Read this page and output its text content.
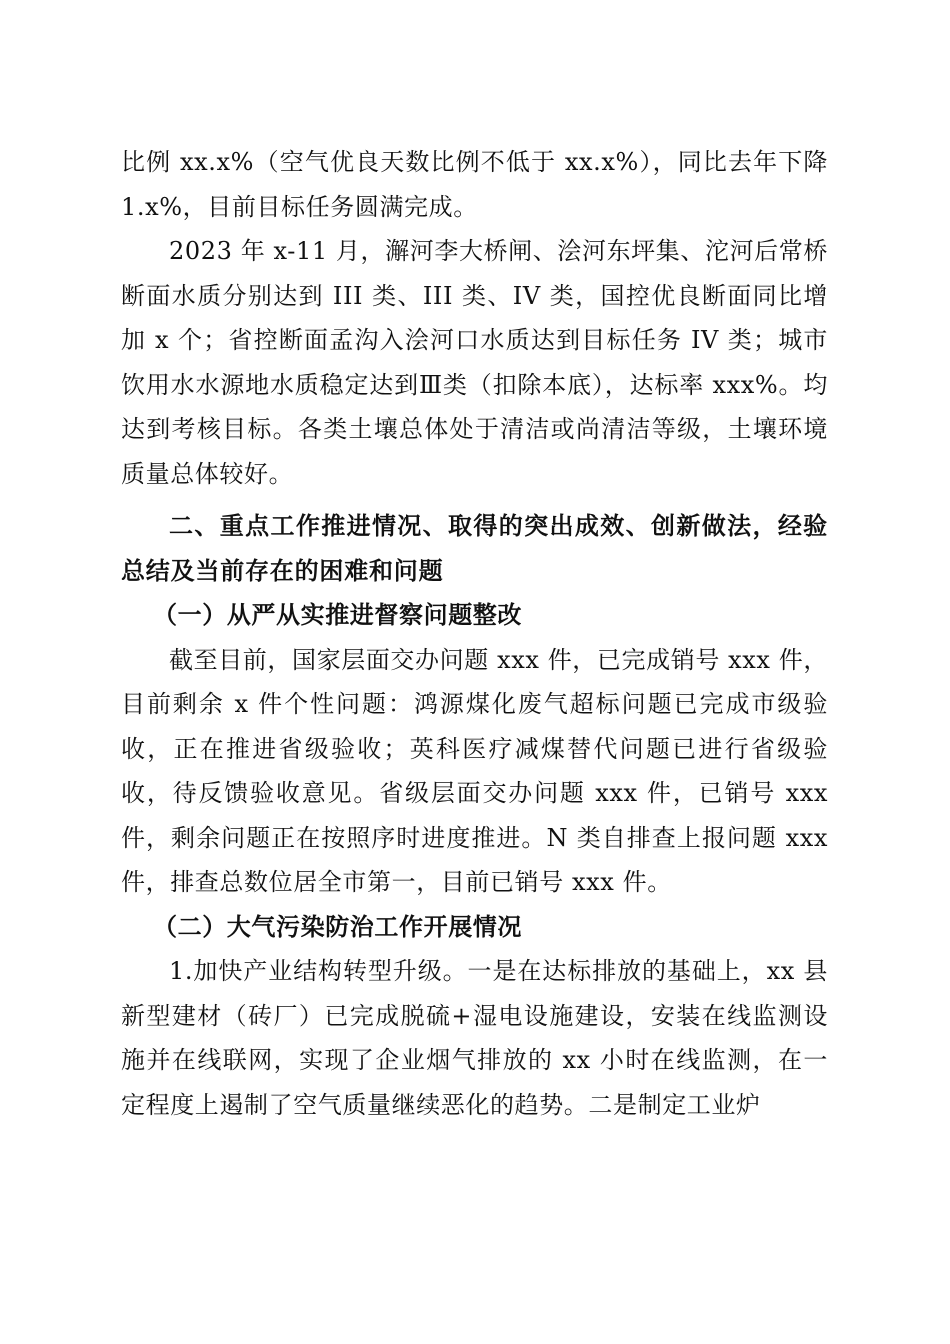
比例 xx.x%（空气优良天数比例不低于 xx.x%），同比去年下降 1.x%，目前目标任务圆满完成。

2023 年 x-11 月，澥河李大桥闸、浍河东坪集、沱河后常桥断面水质分别达到 III 类、III 类、IV 类，国控优良断面同比增加 x 个；省控断面孟沟入浍河口水质达到目标任务 IV 类；城市饮用水水源地水质稳定达到Ⅲ类（扣除本底），达标率 xxx%。均达到考核目标。各类土壤总体处于清洁或尚清洁等级，土壤环境质量总体较好。

二、重点工作推进情况、取得的突出成效、创新做法，经验总结及当前存在的困难和问题

（一）从严从实推进督察问题整改

截至目前，国家层面交办问题 xxx 件，已完成销号 xxx 件，目前剩余 x 件个性问题：鸿源煤化废气超标问题已完成市级验收，正在推进省级验收；英科医疗减煤替代问题已进行省级验收，待反馈验收意见。省级层面交办问题 xxx 件，已销号 xxx 件，剩余问题正在按照序时进度推进。N 类自排查上报问题 xxx 件，排查总数位居全市第一，目前已销号 xxx 件。

（二）大气污染防治工作开展情况

1.加快产业结构转型升级。一是在达标排放的基础上，xx 县新型建材（砖厂）已完成脱硫+湿电设施建设，安装在线监测设施并在线联网，实现了企业烟气排放的 xx 小时在线监测，在一定程度上遏制了空气质量继续恶化的趋势。二是制定工业炉
